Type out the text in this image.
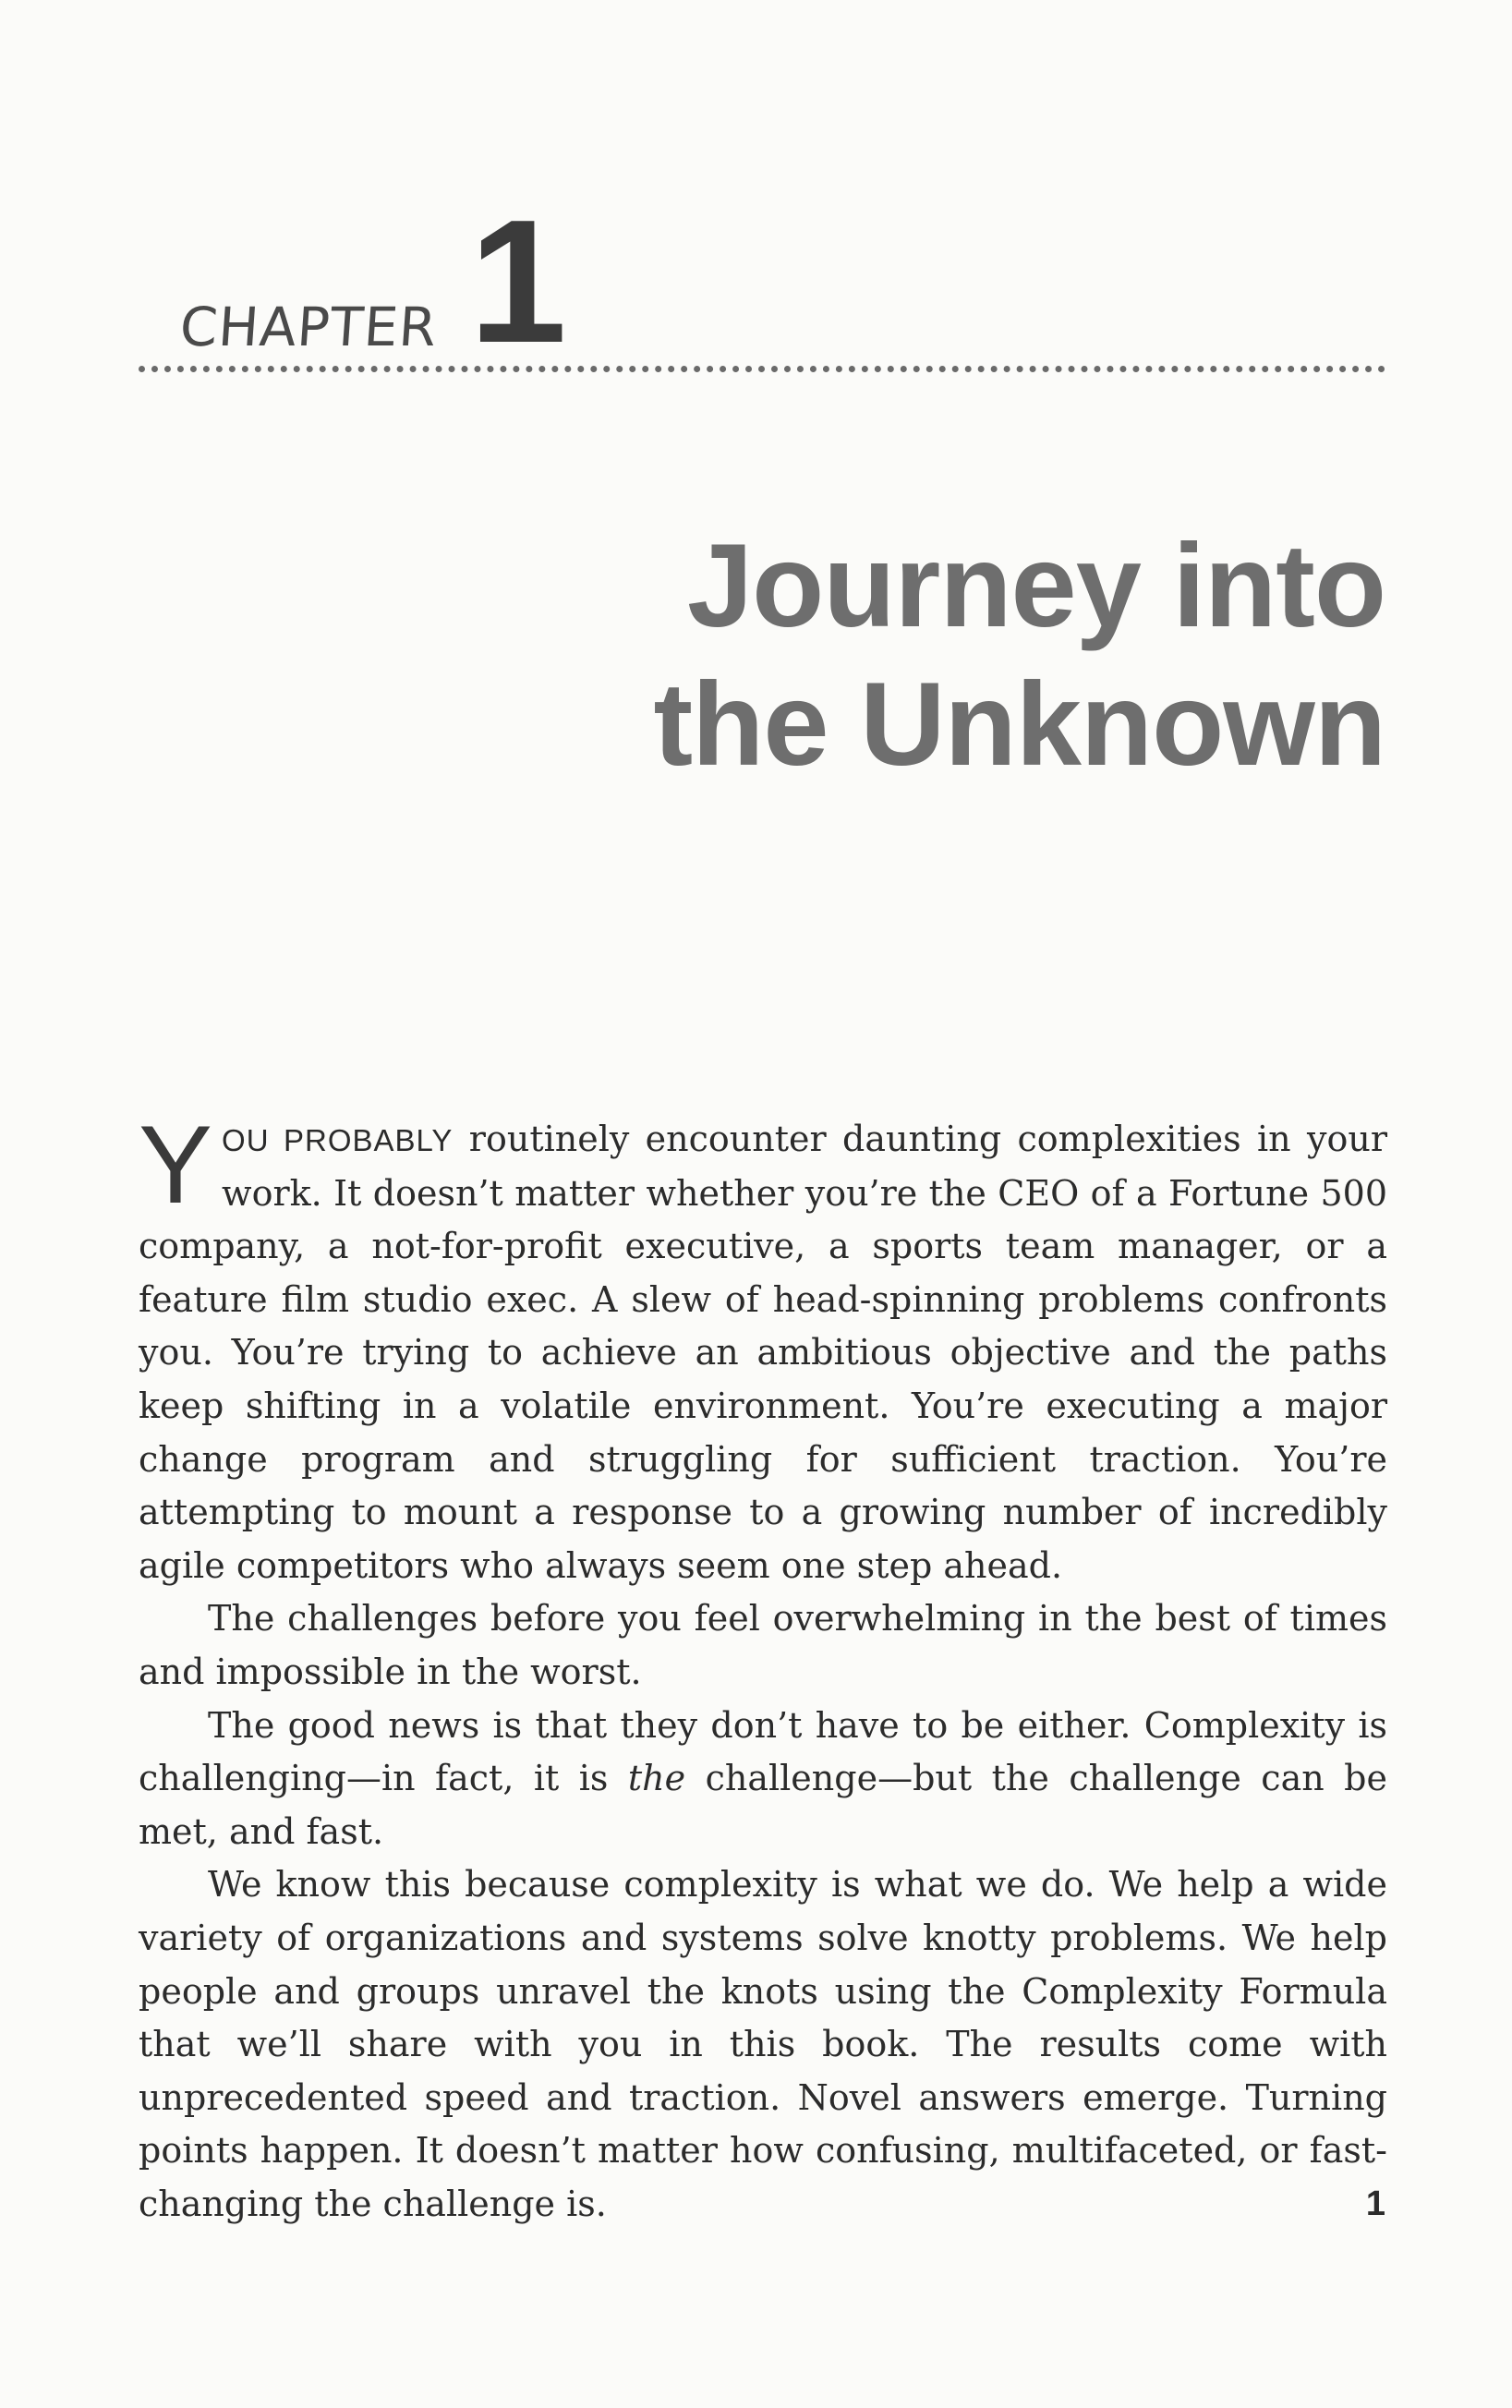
CHAPTER 1
Journey into
the Unknown

YOU PROBABLY routinely encounter daunting complexities in your work. It doesn’t matter whether you’re the CEO of a Fortune 500 company, a not-for-profit executive, a sports team manager, or a feature film studio exec. A slew of head-spinning problems confronts you. You’re trying to achieve an ambitious objective and the paths keep shifting in a volatile environment. You’re executing a major change program and struggling for sufficient traction. You’re attempting to mount a response to a growing number of incredibly agile competitors who always seem one step ahead.

The challenges before you feel overwhelming in the best of times and impossible in the worst.

The good news is that they don’t have to be either. Complexity is challenging—in fact, it is the challenge—but the challenge can be met, and fast.

We know this because complexity is what we do. We help a wide variety of organizations and systems solve knotty problems. We help people and groups unravel the knots using the Complexity Formula that we’ll share with you in this book. The results come with unprecedented speed and traction. Novel answers emerge. Turning points happen. It doesn’t matter how confusing, multifaceted, or fast-changing the challenge is.	1
